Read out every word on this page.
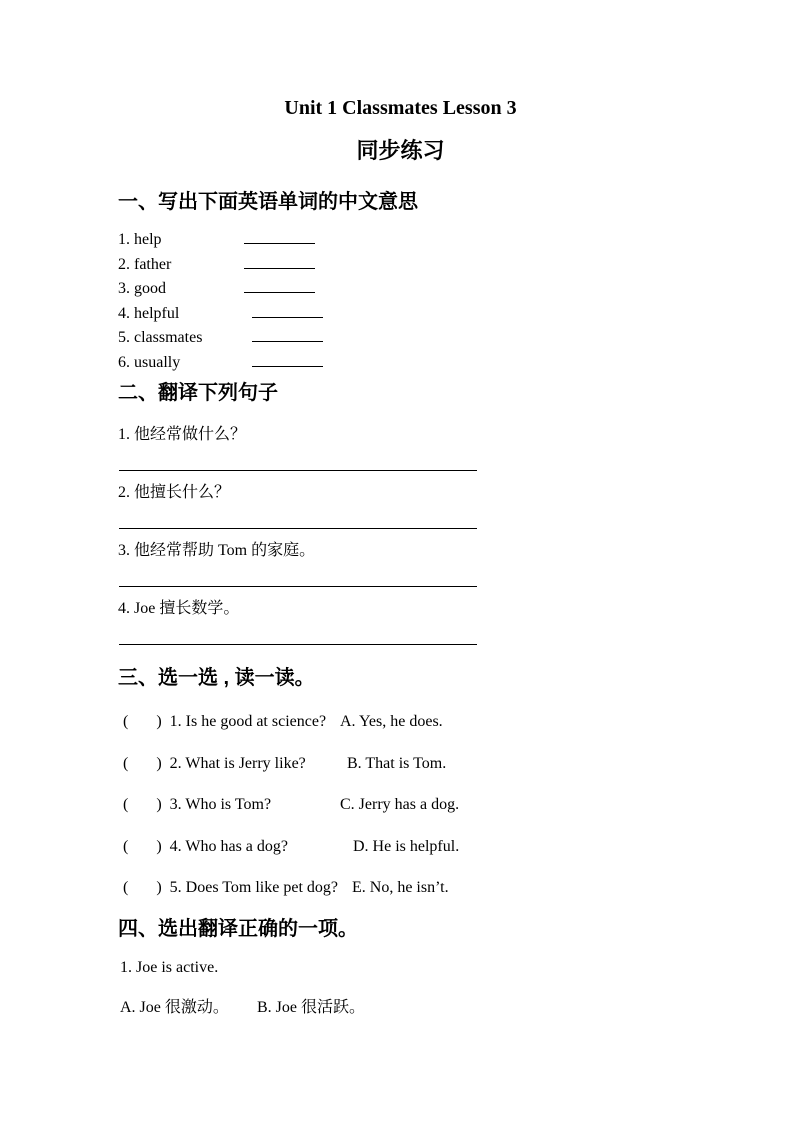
Unit 1 Classmates Lesson 3
同步练习
一、写出下面英语单词的中文意思
1. help
2. father
3. good
4. helpful
5. classmates
6. usually
二、翻译下列句子

1. 他经常做什么？

2. 他擅长什么？

3. 他经常帮助 Tom 的家庭。

4. Joe 擅长数学。

三、选一选 , 读一读。
(       )  1. Is he good at science? A. Yes, he does.
(       )  2. What is Jerry like?	B. That is Tom.
(       )  3. Who is Tom?	C. Jerry has a dog.
(       )  4. Who has a dog?	D. He is helpful.
(       )  5. Does Tom like pet dog? E. No, he isn’t.
四、选出翻译正确的一项。

1. Joe is active.

A. Joe 很激动。 B. Joe 很活跃。
